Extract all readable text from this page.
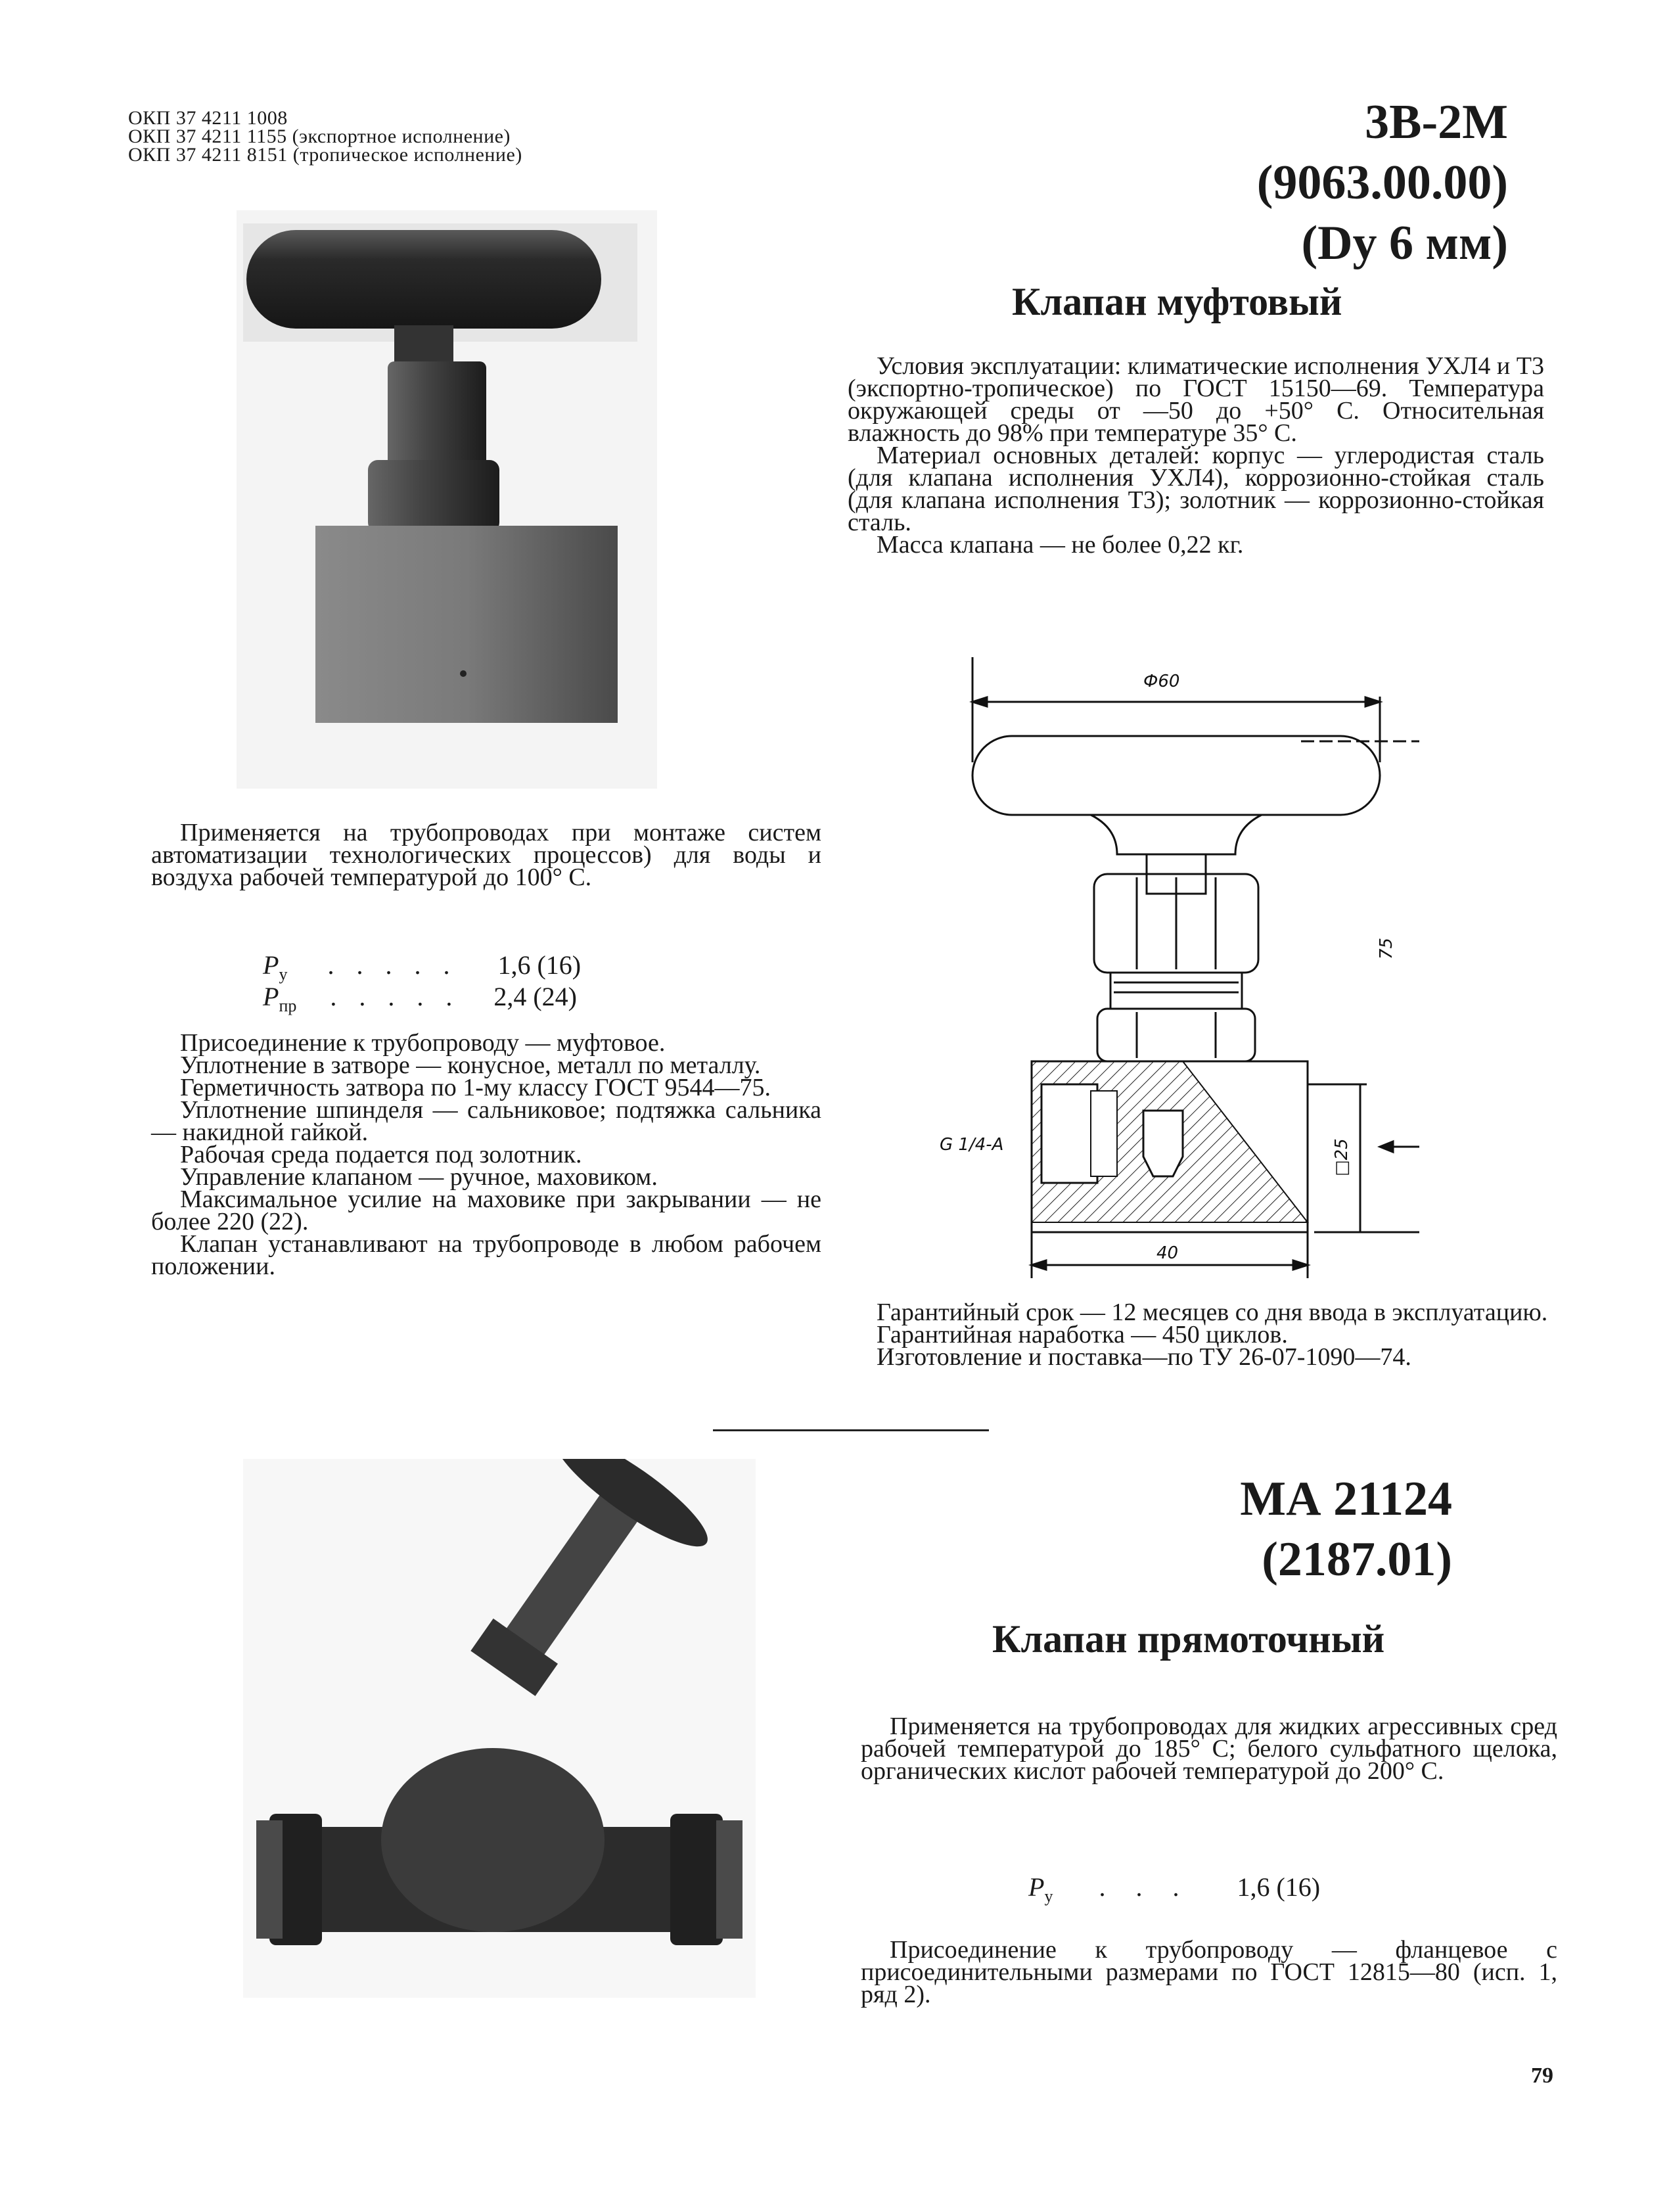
ОКП 37 4211 1008
ОКП 37 4211 1155 (экспортное исполнение)
ОКП 37 4211 8151 (тропическое исполнение)
3В-2М
(9063.00.00)
(Dу 6 мм)
Клапан муфтовый

Условия эксплуатации: климатические исполнения УХЛ4 и Т3 (экспортно-тропическое) по ГОСТ 15150—69. Температура окружающей среды от —50 до +50° С. Относительная влажность до 98% при температуре 35° С.

Материал основных деталей: корпус — углеродистая сталь (для клапана исполнения УХЛ4), коррозионно-стойкая сталь (для клапана исполнения Т3); золотник — коррозионно-стойкая сталь.

Масса клапана — не более 0,22 кг.

Применяется на трубопроводах при монтаже систем автоматизации технологических процессов) для воды и воздуха рабочей температурой до 100° С.

$P_у$ . . . . . 1,6 (16)
$P_{пр}$ . . . . . 2,4 (24)

Присоединение к трубопроводу — муфтовое.

Уплотнение в затворе — конусное, металл по металлу.

Герметичность затвора по 1-му классу ГОСТ 9544—75.

Уплотнение шпинделя — сальниковое; подтяжка сальника — накидной гайкой.

Рабочая среда подается под золотник.

Управление клапаном — ручное, маховиком.

Максимальное усилие на маховике при закрывании — не более 220 (22).

Клапан устанавливают на трубопроводе в любом рабочем положении.

Ф60
75
□25
40
G 1/4-A

Гарантийный срок — 12 месяцев со дня ввода в эксплуатацию.

Гарантийная наработка — 450 циклов.

Изготовление и поставка—по ТУ 26-07-1090—74.

МА 21124
(2187.01)
Клапан прямоточный

Применяется на трубопроводах для жидких агрессивных сред рабочей температурой до 185° С; белого сульфатного щелока, органических кислот рабочей температурой до 200° С.

$P_у$ . . . 1,6 (16)

Присоединение к трубопроводу — фланцевое с присоединительными размерами по ГОСТ 12815—80 (исп. 1, ряд 2).

79
